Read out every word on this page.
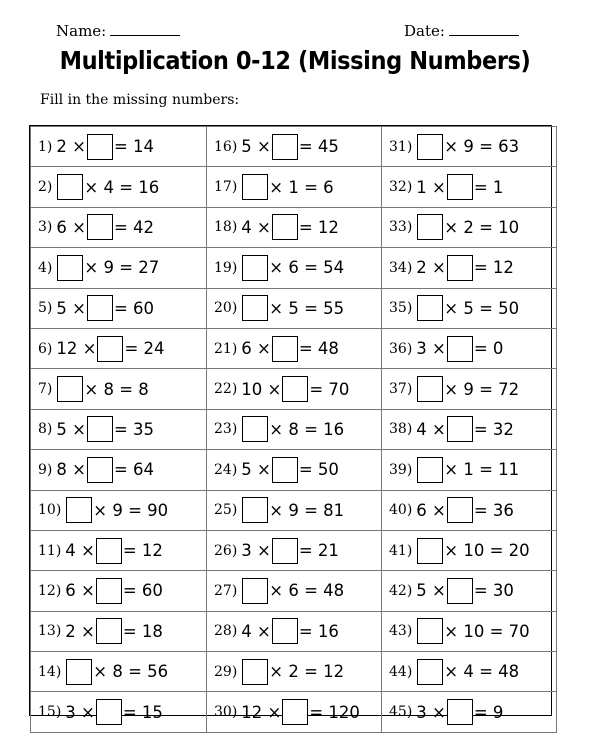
Name:	Date:
Multiplication 0-12 (Missing Numbers)
Fill in the missing numbers:
1) 2 × = 14	16) 5 × = 45	31) × 9 = 63

2) × 4 = 16	17) × 1 = 6	32) 1 × = 1

3) 6 × = 42	18) 4 × = 12	33) × 2 = 10

4) × 9 = 27	19) × 6 = 54	34) 2 × = 12

5) 5 × = 60	20) × 5 = 55	35) × 5 = 50

6) 12 × = 24	21) 6 × = 48	36) 3 × = 0

7) × 8 = 8	22) 10 × = 70	37) × 9 = 72

8) 5 × = 35	23) × 8 = 16	38) 4 × = 32

9) 8 × = 64	24) 5 × = 50	39) × 1 = 11

10) × 9 = 90	25) × 9 = 81	40) 6 × = 36

11) 4 × = 12	26) 3 × = 21	41) × 10 = 20

12) 6 × = 60	27) × 6 = 48	42) 5 × = 30

13) 2 × = 18	28) 4 × = 16	43) × 10 = 70

14) × 8 = 56	29) × 2 = 12	44) × 4 = 48

15) 3 × = 15	30) 12 × = 120	45) 3 × = 9
